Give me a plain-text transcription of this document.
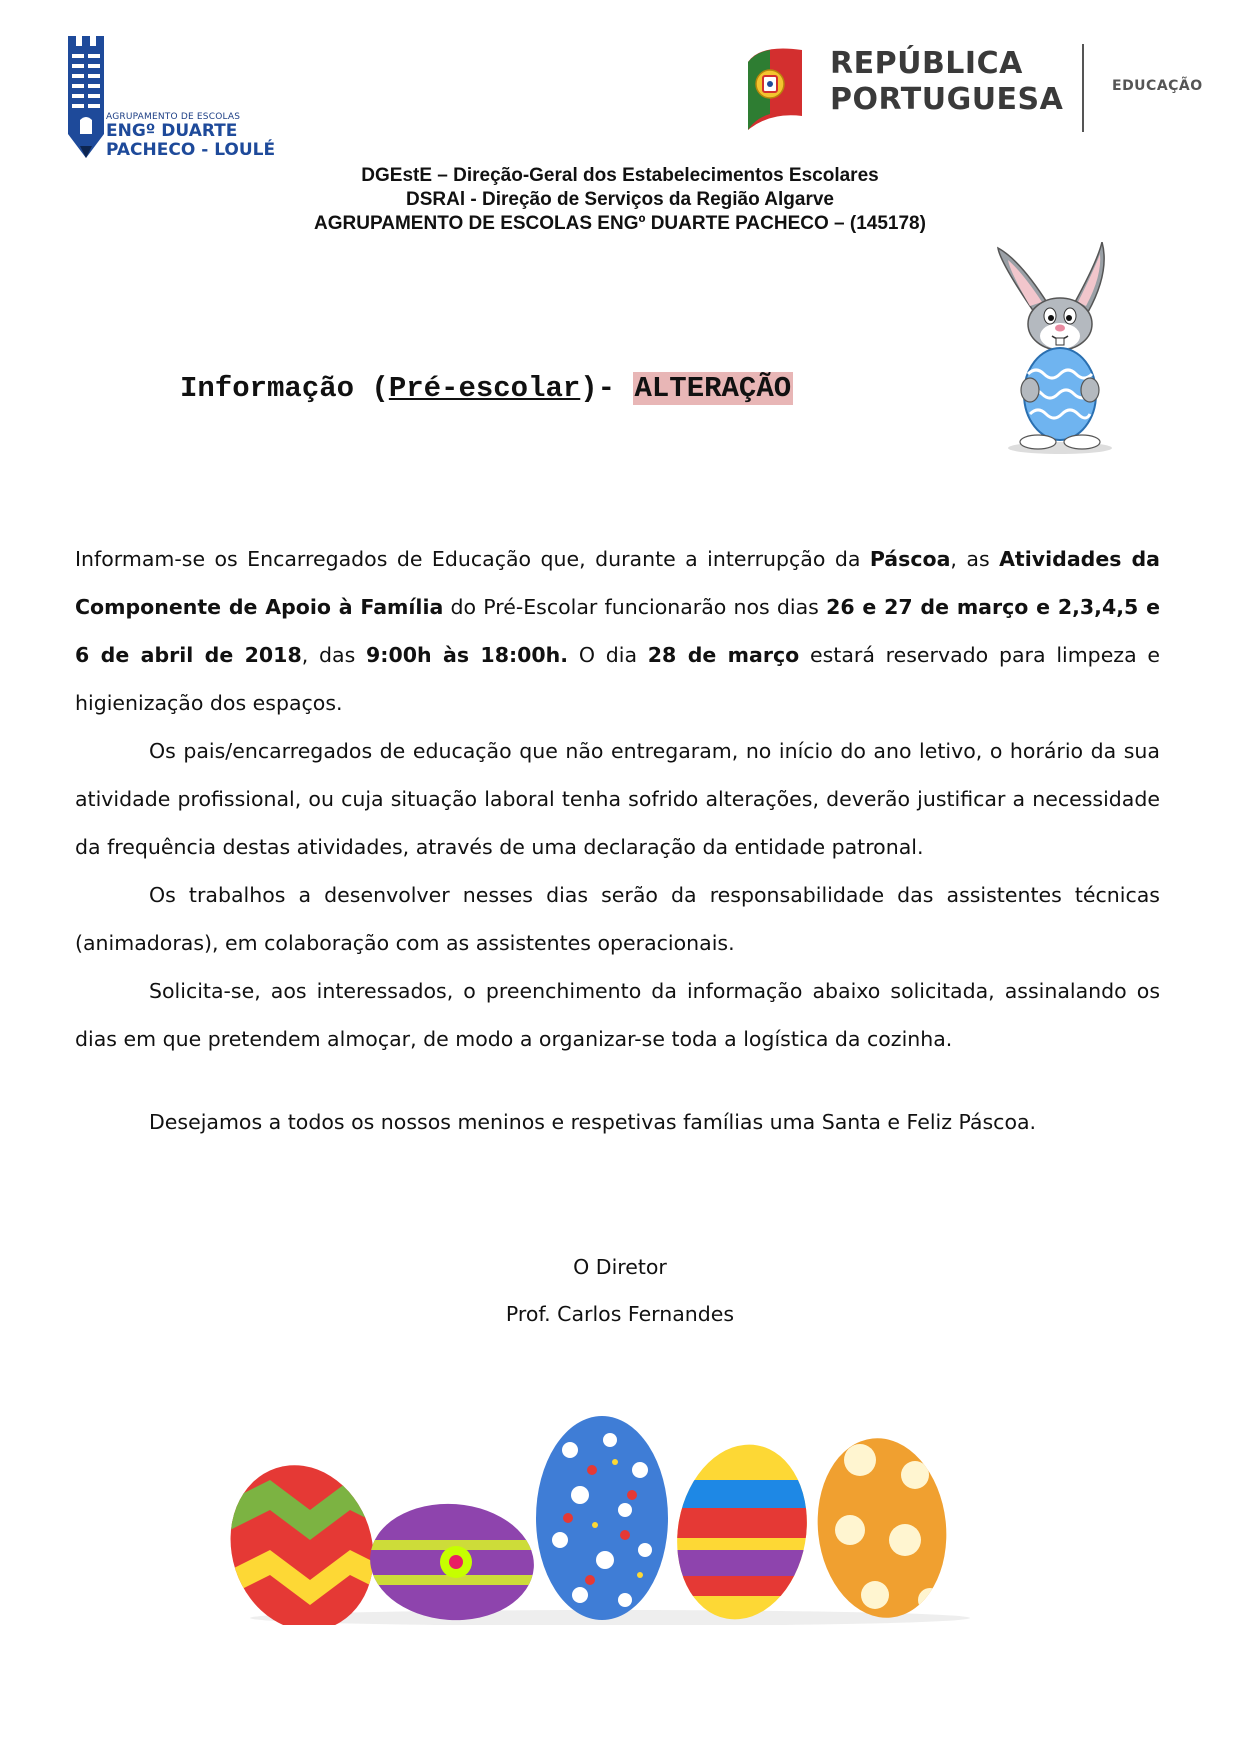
AGRUPAMENTO DE ESCOLAS
ENGº DUARTE
PACHECO - LOULÉ
REPÚBLICA
PORTUGUESA	EDUCAÇÃO
DGEstE – Direção-Geral dos Estabelecimentos Escolares
DSRAl - Direção de Serviços da Região Algarve
AGRUPAMENTO DE ESCOLAS ENGº DUARTE PACHECO – (145178)
Informação (Pré-escolar)- ALTERAÇÃO

Informam-se os Encarregados de Educação que, durante a interrupção da Páscoa, as Atividades da Componente de Apoio à Família do Pré-Escolar funcionarão nos dias 26 e 27 de março e 2,3,4,5 e 6 de abril de 2018, das 9:00h às 18:00h. O dia 28 de março estará reservado para limpeza e higienização dos espaços.

Os pais/encarregados de educação que não entregaram, no início do ano letivo, o horário da sua atividade profissional, ou cuja situação laboral tenha sofrido alterações, deverão justificar a necessidade da frequência destas atividades, através de uma declaração da entidade patronal.

Os trabalhos a desenvolver nesses dias serão da responsabilidade das assistentes técnicas (animadoras), em colaboração com as assistentes operacionais.

Solicita-se, aos interessados, o preenchimento da informação abaixo solicitada, assinalando os dias em que pretendem almoçar, de modo a organizar-se toda a logística da cozinha.

Desejamos a todos os nossos meninos e respetivas famílias uma Santa e Feliz Páscoa.
O Diretor
Prof. Carlos Fernandes
